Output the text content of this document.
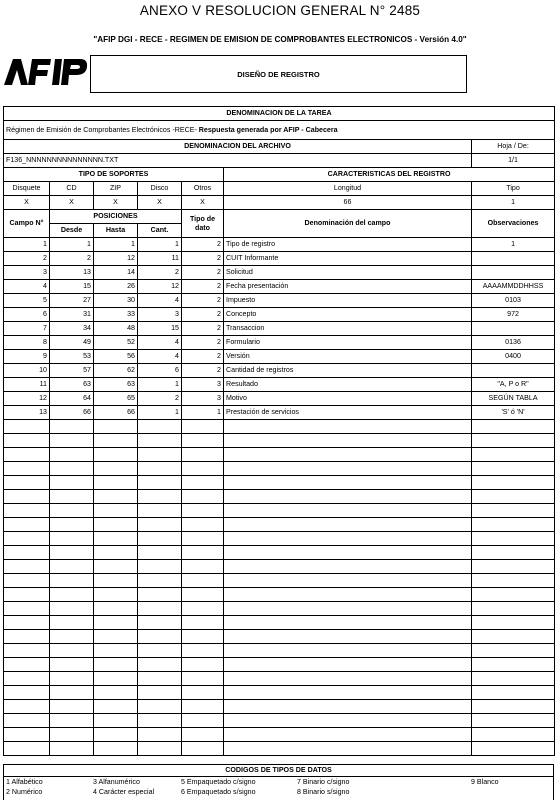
ANEXO V RESOLUCION GENERAL N° 2485
"AFIP DGI - RECE - REGIMEN DE EMISION DE COMPROBANTES ELECTRONICOS - Versión 4.0"
DISEÑO DE REGISTRO
DENOMINACION DE LA TAREA						
Régimen de Emisión de Comprobantes Electrónicos -RECE- Respuesta generada por AFIP - Cabecera						
DENOMINACION DEL ARCHIVO						Hoja / De:
F136_NNNNNNNNNNNNNNN.TXT						1/1
TIPO DE SOPORTES					CARACTERISTICAS DEL REGISTRO	
Disquete	CD	ZIP	Disco	Otros	Longitud	Tipo
X	X	X	X	X	66	1
Campo N°	POSICIONES			Tipo de dato	Denominación del campo	Observaciones
	Desde	Hasta	Cant.			
1	1	1	1	2	Tipo de registro	1
2	2	12	11	2	CUIT Informante	
3	13	14	2	2	Solicitud	
4	15	26	12	2	Fecha presentación	AAAAMMDDHHSS
5	27	30	4	2	Impuesto	0103
6	31	33	3	2	Concepto	972
7	34	48	15	2	Transaccion	
8	49	52	4	2	Formulario	0136
9	53	56	4	2	Versión	0400
10	57	62	6	2	Cantidad de registros	
11	63	63	1	3	Resultado	"A, P o R"
12	64	65	2	3	Motivo	SEGÚN TABLA
13	66	66	1	1	Prestación de servicios	'S' ó 'N'

CODIGOS DE TIPOS DE DATOS
1 Alfabético
2 Numérico
3 Alfanumérico
4 Carácter especial
5 Empaquetado c/signo
6 Empaquetado s/signo
7 Binario c/signo
8 Binario s/signo
9 Blanco
